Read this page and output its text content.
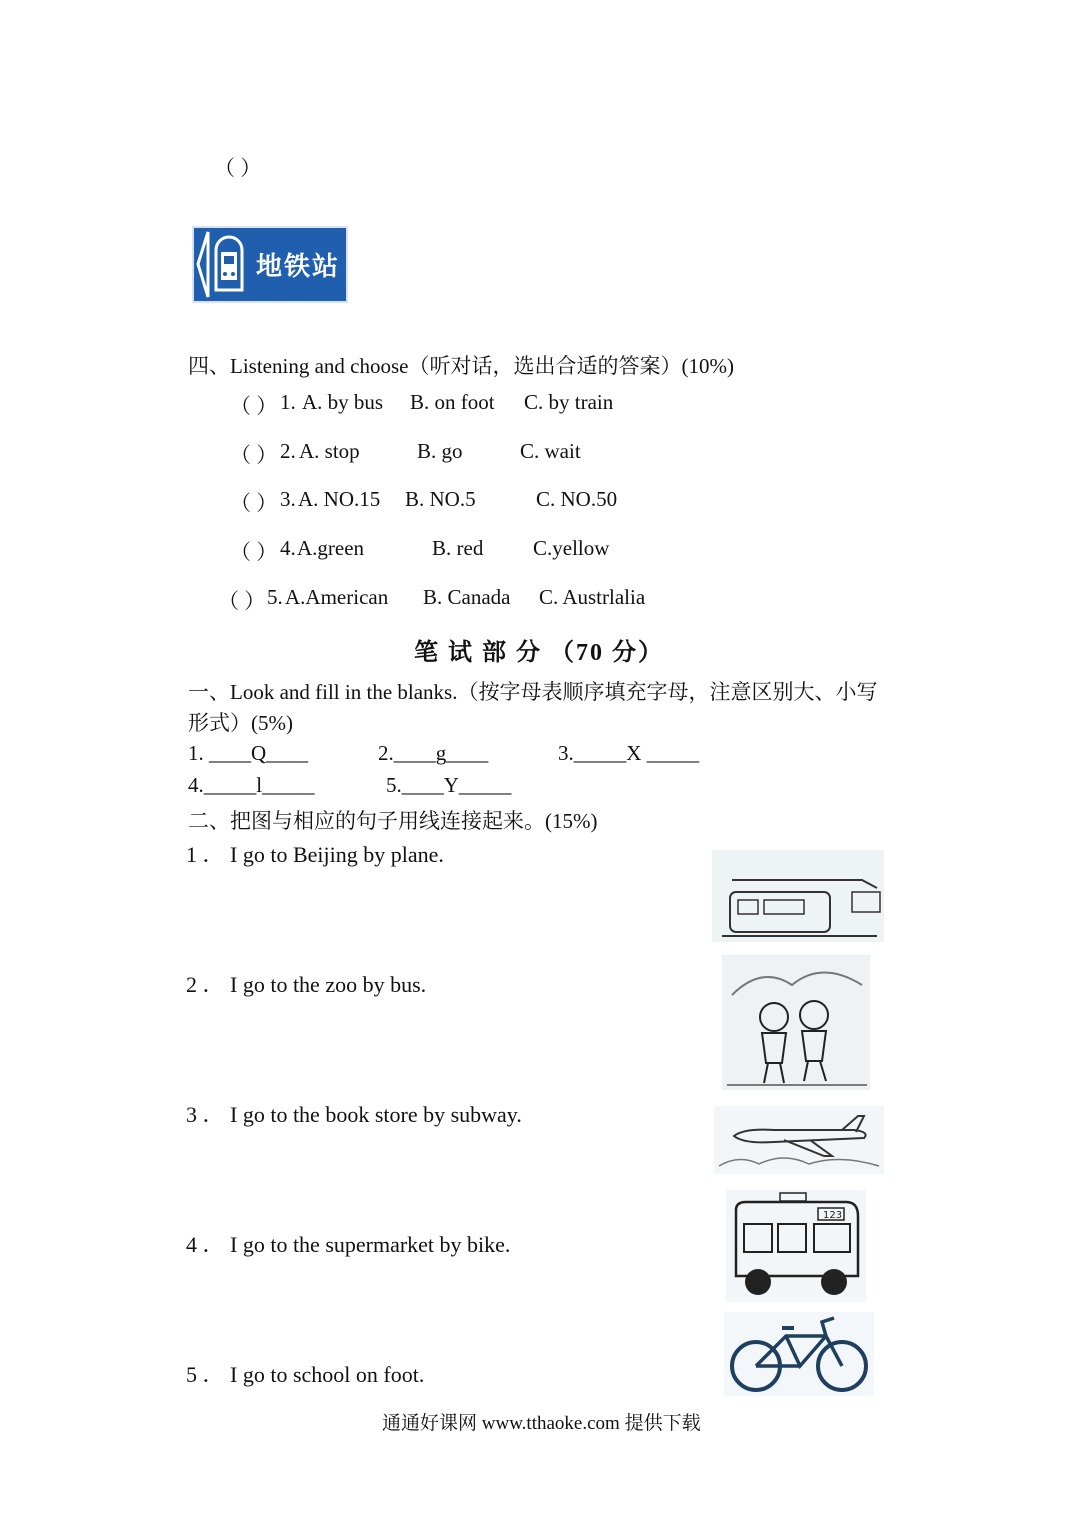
（ ）
地铁站
四、Listening and choose（听对话，选出合适的答案）(10%)
（ ） 1. A. by bus B. on foot C. by train
（ ） 2. A. stop	B. go	C. wait
（ ） 3. A. NO.15 B. NO.5	C. NO.50
（ ） 4. A.green	B. red C.yellow
（ ） 5. A.American B. Canada C. Austrlalia
笔 试 部 分 （70 分）
一、Look and fill in the blanks.（按字母表顺序填充字母，注意区别大、小写
形式）(5%)
1. ____Q____	2.____g____	3._____X _____
4._____l_____	5.____Y_____
二、把图与相应的句子用线连接起来。(15%)
1 ． I go to Beijing by plane.
2 ． I go to the zoo by bus.
3 ． I go to the book store by subway.
4 ． I go to the supermarket by bike.
5 ． I go to school on foot.
123
通通好课网 www.tthaoke.com 提供下载
